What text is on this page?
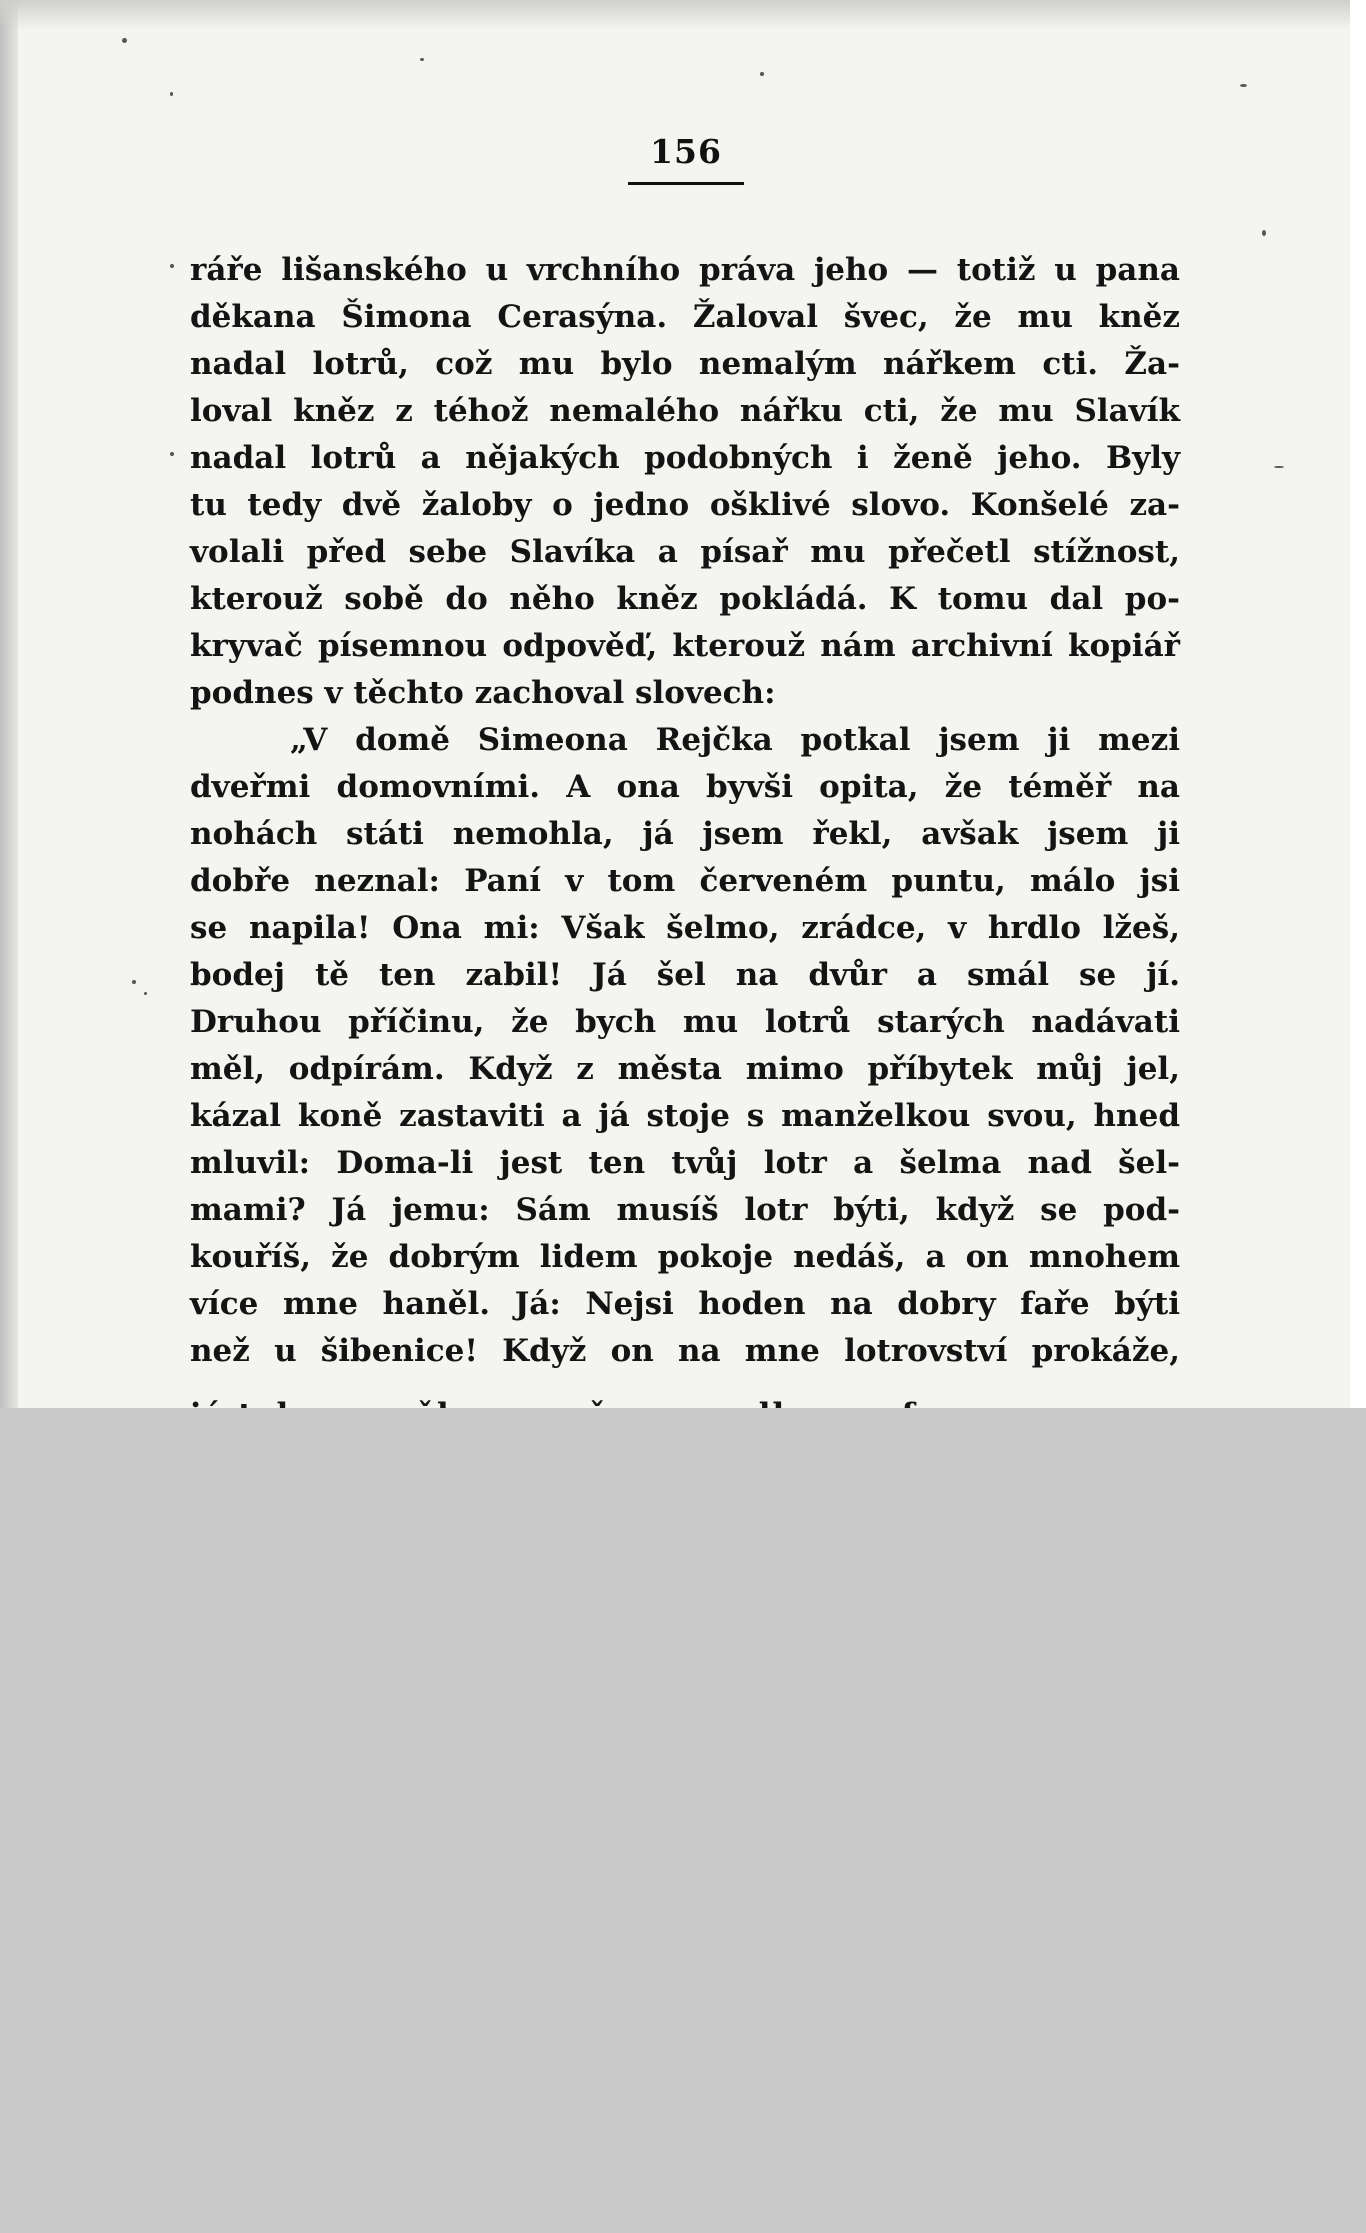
156
ráře lišanského u vrchního práva jeho — totiž u pana
děkana Šimona Cerasýna. Žaloval švec, že mu kněz
nadal lotrů, což mu bylo nemalým nářkem cti. Ža-
loval kněz z téhož nemalého nářku cti, že mu Slavík
nadal lotrů a nějakých podobných i ženě jeho. Byly
tu tedy dvě žaloby o jedno ošklivé slovo. Konšelé za-
volali před sebe Slavíka a písař mu přečetl stížnost,
kterouž sobě do něho kněz pokládá. K tomu dal po-
kryvač písemnou odpověď, kterouž nám archivní kopiář
podnes v těchto zachoval slovech:
„V domě Simeona Rejčka potkal jsem ji mezi
dveřmi domovními. A ona byvši opita, že téměř na
nohách státi nemohla, já jsem řekl, avšak jsem ji
dobře neznal: Paní v tom červeném puntu, málo jsi
se napila! Ona mi: Však šelmo, zrádce, v hrdlo lžeš,
bodej tě ten zabil! Já šel na dvůr a smál se jí.
Druhou příčinu, že bych mu lotrů starých nadávati
měl, odpírám. Když z města mimo příbytek můj jel,
kázal koně zastaviti a já stoje s manželkou svou, hned
mluvil: Doma-li jest ten tvůj lotr a šelma nad šel-
mami? Já jemu: Sám musíš lotr býti, když se pod-
kouříš, že dobrým lidem pokoje nedáš, a on mnohem
více mne haněl. Já: Nejsi hoden na dobry faře býti
než u šibenice! Když on na mne lotrovství prokáže,
